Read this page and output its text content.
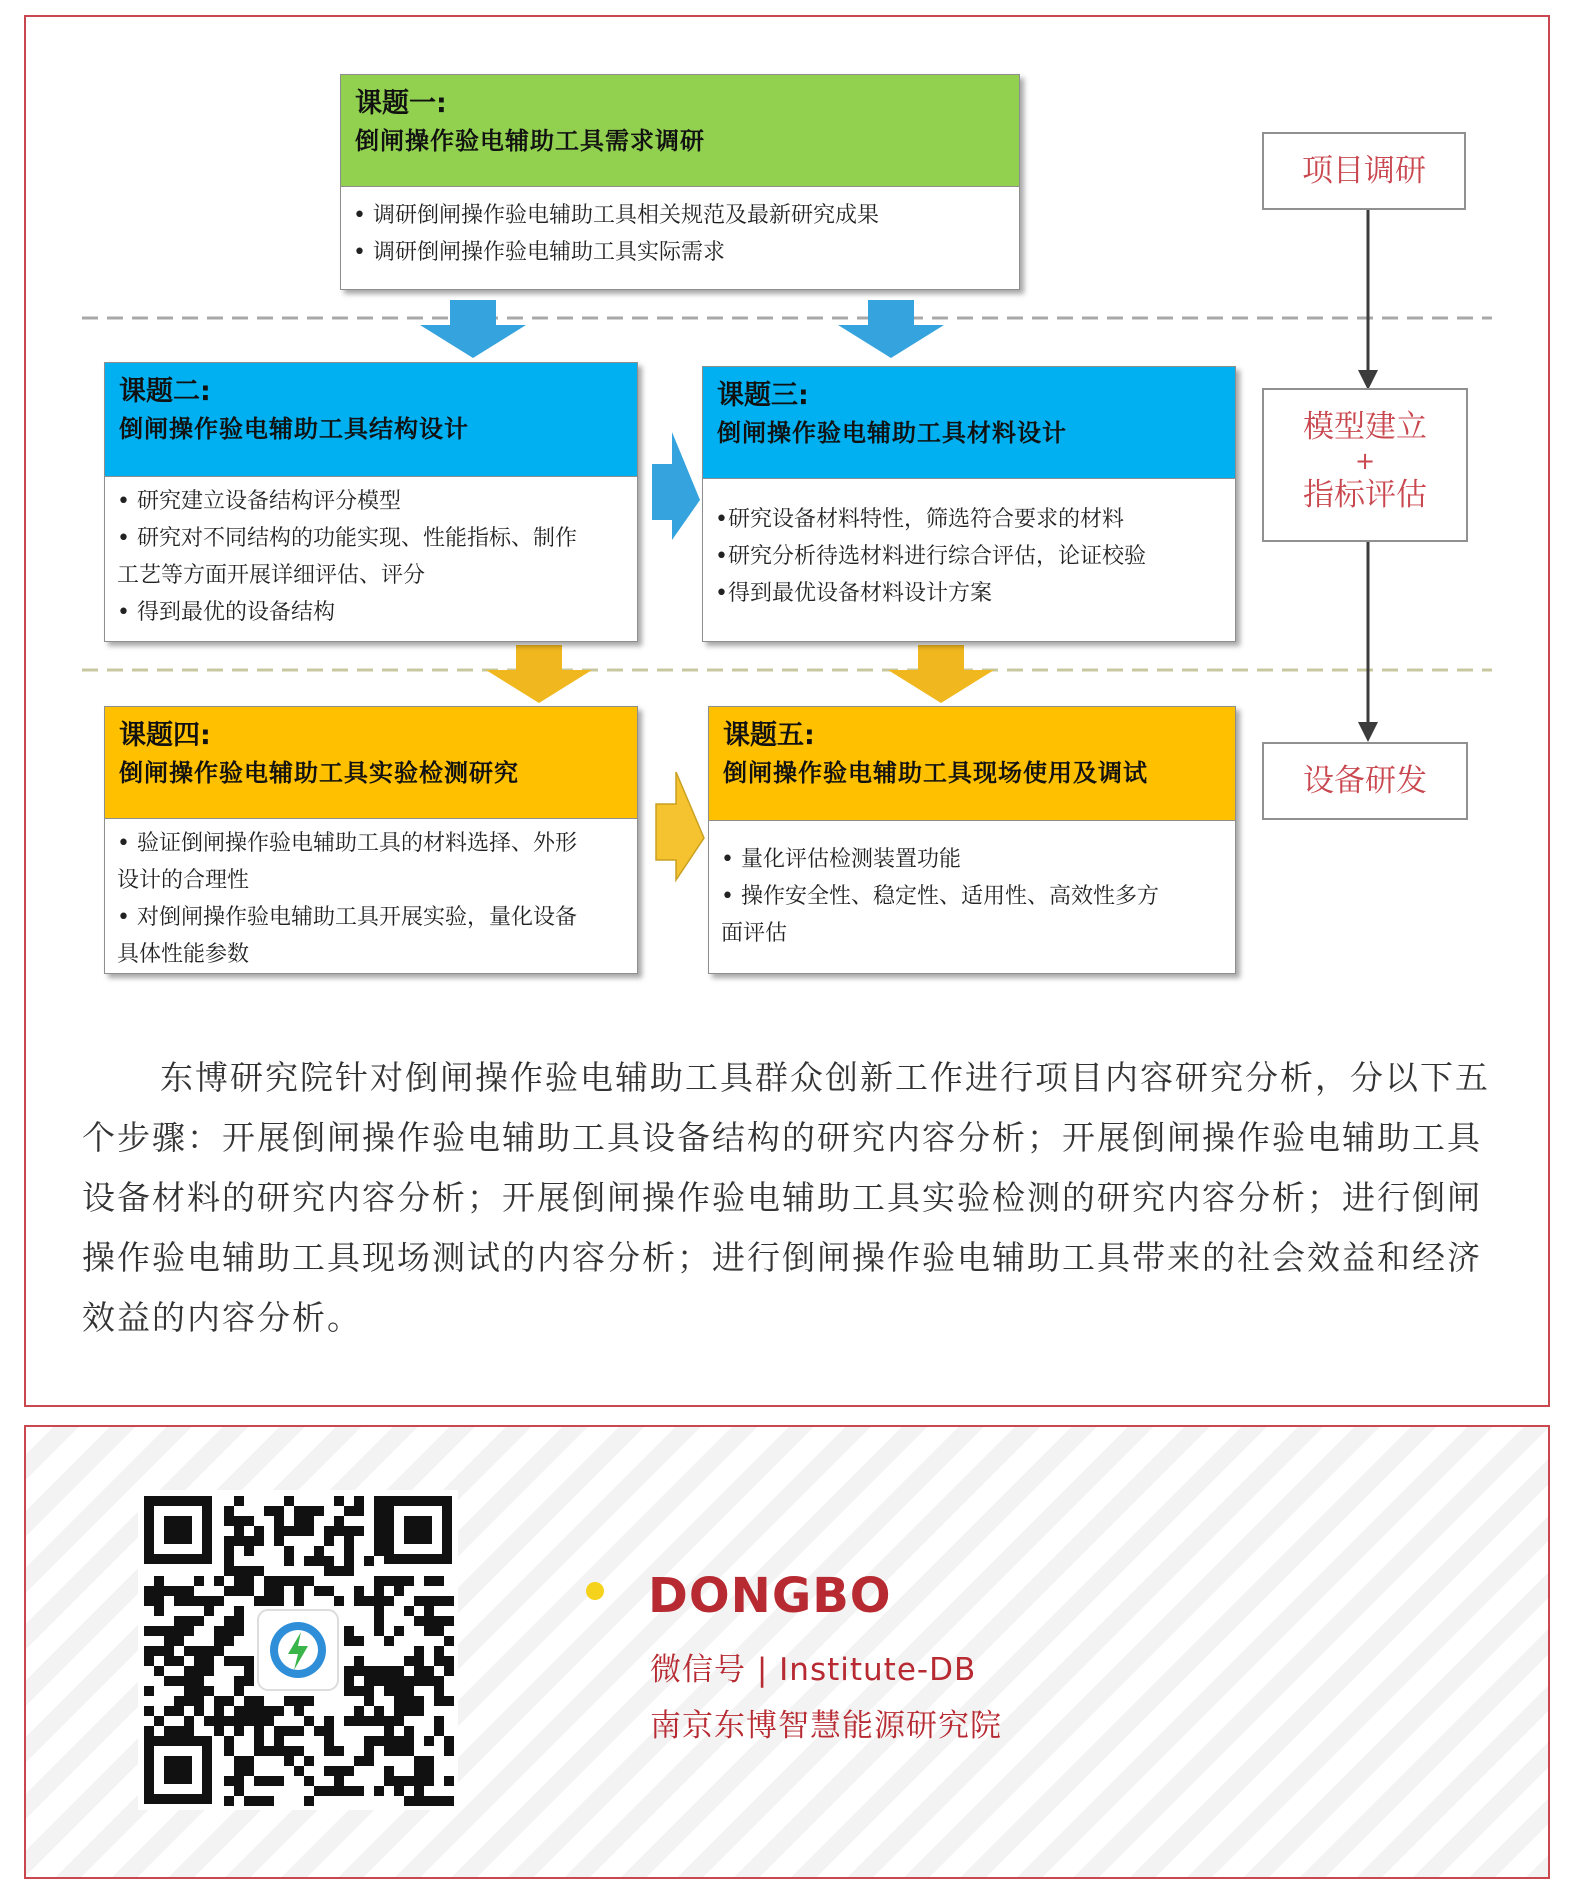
课题一:
倒闸操作验电辅助工具需求调研

• 调研倒闸操作验电辅助工具相关规范及最新研究成果

• 调研倒闸操作验电辅助工具实际需求

课题二:
倒闸操作验电辅助工具结构设计

• 研究建立设备结构评分模型

• 研究对不同结构的功能实现、性能指标、制作

工艺等方面开展详细评估、评分

• 得到最优的设备结构

课题三:
倒闸操作验电辅助工具材料设计

•研究设备材料特性，筛选符合要求的材料

•研究分析待选材料进行综合评估，论证校验

•得到最优设备材料设计方案

课题四:
倒闸操作验电辅助工具实验检测研究

• 验证倒闸操作验电辅助工具的材料选择、外形

设计的合理性

• 对倒闸操作验电辅助工具开展实验，量化设备

具体性能参数

课题五:
倒闸操作验电辅助工具现场使用及调试

• 量化评估检测装置功能

• 操作安全性、稳定性、适用性、高效性多方

面评估

项目调研
模型建立
+
指标评估
设备研发

东博研究院针对倒闸操作验电辅助工具群众创新工作进行项目内容研究分析，分以下五个步骤：开展倒闸操作验电辅助工具设备结构的研究内容分析；开展倒闸操作验电辅助工具设备材料的研究内容分析；开展倒闸操作验电辅助工具实验检测的研究内容分析；进行倒闸操作验电辅助工具现场测试的内容分析；进行倒闸操作验电辅助工具带来的社会效益和经济效益的内容分析。

DONGBO
微信号 | Institute-DB
南京东博智慧能源研究院
